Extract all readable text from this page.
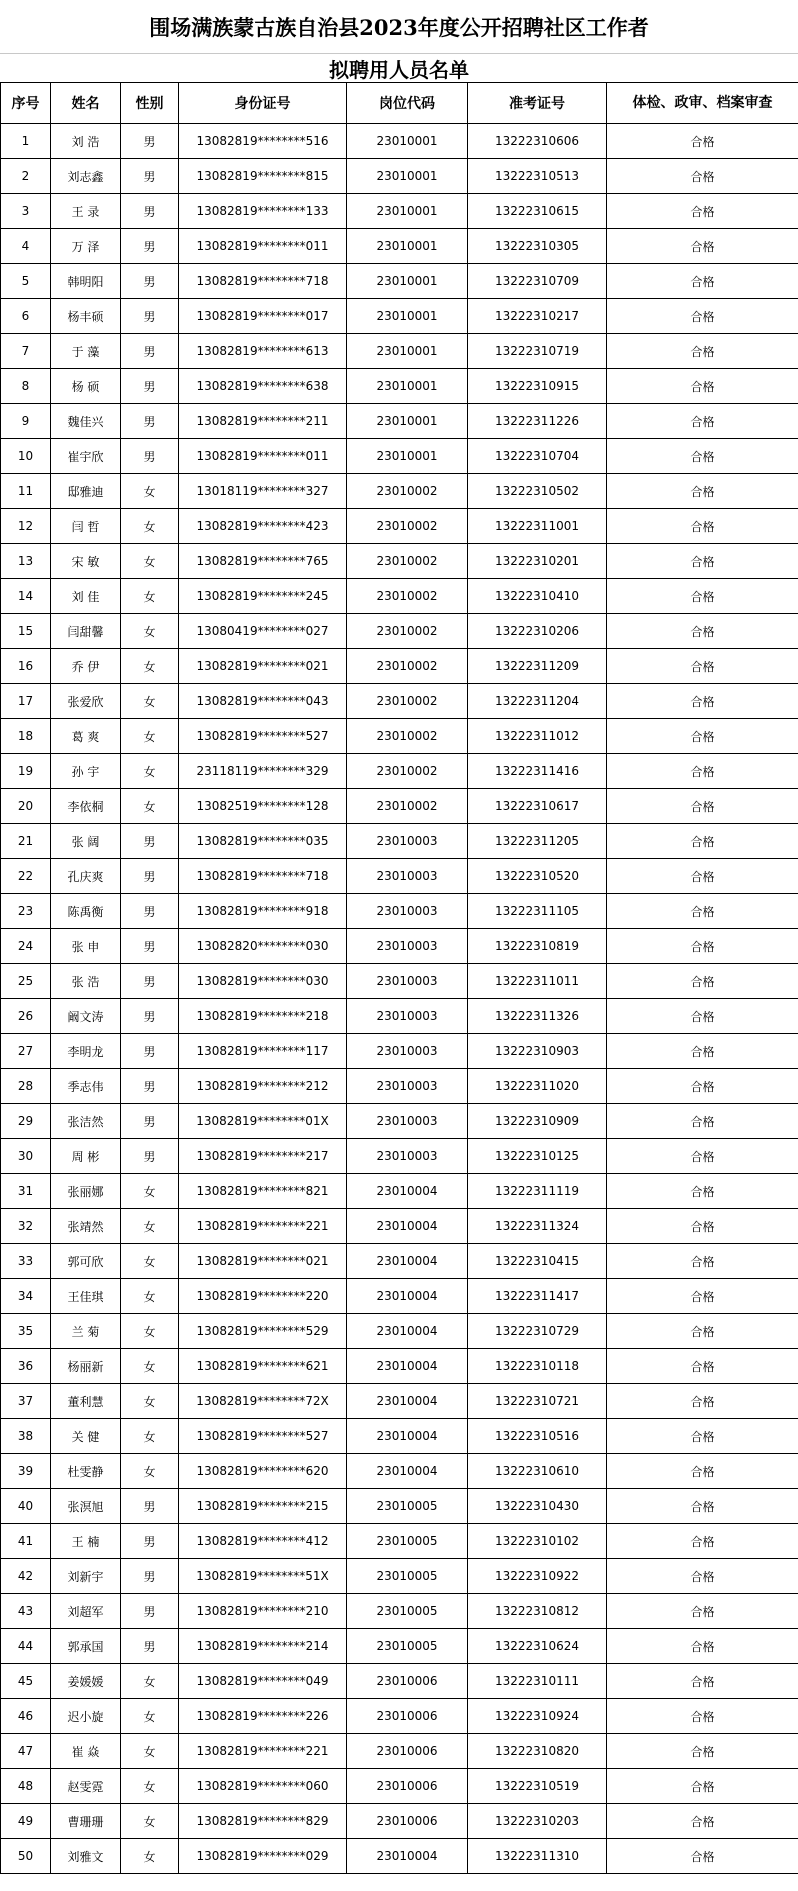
围场满族蒙古族自治县2023年度公开招聘社区工作者
拟聘用人员名单
序号	姓名	性别	身份证号	岗位代码	准考证号	体检、政审、档案审查
1	刘 浩	男	13082819********516	23010001	13222310606	合格
2	刘志鑫	男	13082819********815	23010001	13222310513	合格
3	王 录	男	13082819********133	23010001	13222310615	合格
4	万 泽	男	13082819********011	23010001	13222310305	合格
5	韩明阳	男	13082819********718	23010001	13222310709	合格
6	杨丰硕	男	13082819********017	23010001	13222310217	合格
7	于 藻	男	13082819********613	23010001	13222310719	合格
8	杨 硕	男	13082819********638	23010001	13222310915	合格
9	魏佳兴	男	13082819********211	23010001	13222311226	合格
10	崔宇欣	男	13082819********011	23010001	13222310704	合格
11	邸雅迪	女	13018119********327	23010002	13222310502	合格
12	闫 哲	女	13082819********423	23010002	13222311001	合格
13	宋 敏	女	13082819********765	23010002	13222310201	合格
14	刘 佳	女	13082819********245	23010002	13222310410	合格
15	闫甜馨	女	13080419********027	23010002	13222310206	合格
16	乔 伊	女	13082819********021	23010002	13222311209	合格
17	张爱欣	女	13082819********043	23010002	13222311204	合格
18	葛 爽	女	13082819********527	23010002	13222311012	合格
19	孙 宇	女	23118119********329	23010002	13222311416	合格
20	李依桐	女	13082519********128	23010002	13222310617	合格
21	张 阔	男	13082819********035	23010003	13222311205	合格
22	孔庆爽	男	13082819********718	23010003	13222310520	合格
23	陈禹衡	男	13082819********918	23010003	13222311105	合格
24	张 申	男	13082820********030	23010003	13222310819	合格
25	张 浩	男	13082819********030	23010003	13222311011	合格
26	阚文涛	男	13082819********218	23010003	13222311326	合格
27	李明龙	男	13082819********117	23010003	13222310903	合格
28	季志伟	男	13082819********212	23010003	13222311020	合格
29	张洁然	男	13082819********01X	23010003	13222310909	合格
30	周 彬	男	13082819********217	23010003	13222310125	合格
31	张丽娜	女	13082819********821	23010004	13222311119	合格
32	张靖然	女	13082819********221	23010004	13222311324	合格
33	郭可欣	女	13082819********021	23010004	13222310415	合格
34	王佳琪	女	13082819********220	23010004	13222311417	合格
35	兰 菊	女	13082819********529	23010004	13222310729	合格
36	杨丽新	女	13082819********621	23010004	13222310118	合格
37	董利慧	女	13082819********72X	23010004	13222310721	合格
38	关 健	女	13082819********527	23010004	13222310516	合格
39	杜雯静	女	13082819********620	23010004	13222310610	合格
40	张溟旭	男	13082819********215	23010005	13222310430	合格
41	王 楠	男	13082819********412	23010005	13222310102	合格
42	刘新宇	男	13082819********51X	23010005	13222310922	合格
43	刘超军	男	13082819********210	23010005	13222310812	合格
44	郭承国	男	13082819********214	23010005	13222310624	合格
45	姜媛媛	女	13082819********049	23010006	13222310111	合格
46	迟小旋	女	13082819********226	23010006	13222310924	合格
47	崔 焱	女	13082819********221	23010006	13222310820	合格
48	赵雯霓	女	13082819********060	23010006	13222310519	合格
49	曹珊珊	女	13082819********829	23010006	13222310203	合格
50	刘雅文	女	13082819********029	23010004	13222311310	合格
